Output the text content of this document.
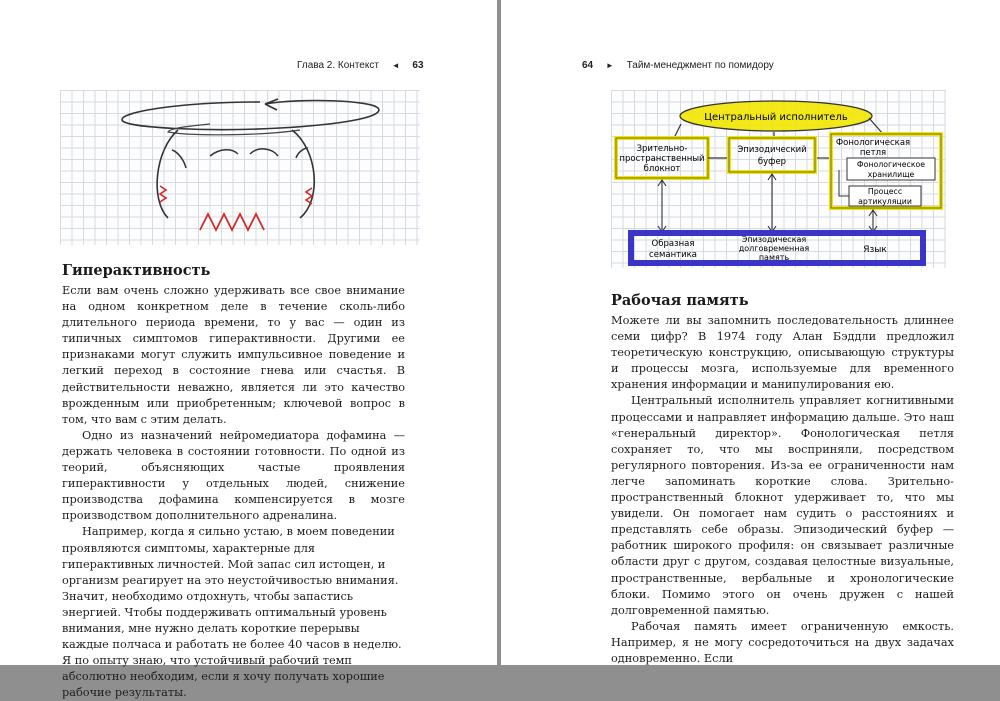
Глава 2. Контекст ◄ 63
Гиперактивность

Если вам очень сложно удерживать все свое внимание на одном конкретном деле в течение сколь-либо длительного периода времени, то у вас — один из типичных симптомов гиперактивности. Другими ее признаками могут служить импульсивное поведение и легкий переход в состояние гнева или счастья. В действительности неважно, является ли это качество врожденным или приобретенным; ключевой вопрос в том, что вам с этим делать.

Одно из назначений нейромедиатора дофамина — держать человека в состоянии готовности. По одной из теорий, объясняющих частые проявления гиперактивности у отдельных людей, снижение производства дофамина компенсируется в мозге производством дополнительного адреналина.

Например, когда я сильно устаю, в моем поведении проявляются симптомы, характерные для гиперактивных личностей. Мой запас сил истощен, и организм реагирует на это неустойчивостью внимания. Значит, необходимо отдохнуть, чтобы запастись энергией. Чтобы поддерживать оптимальный уровень внимания, мне нужно делать короткие перерывы каждые полчаса и работать не более 40 часов в неделю. Я по опыту знаю, что устойчивый рабочий темп абсолютно необходим, если я хочу получать хорошие рабочие результаты.

64 ► Тайм-менеджмент по помидору
Центральный исполнитель
Зрительно-
пространственный
блокнот
Эпизодический
буфер
Фонологическая
петля
Фонологическое
хранилище
Процесс
артикуляции
Образная
семантика
Эпизодическая
долговременная
память
Язык
Рабочая память

Можете ли вы запомнить последовательность длиннее семи цифр? В 1974 году Алан Бэддли предложил теоретическую конструкцию, описывающую структуры и процессы мозга, используемые для временного хранения информации и манипулирования ею.

Центральный исполнитель управляет когнитивными процессами и направляет информацию дальше. Это наш «генеральный директор». Фонологическая петля сохраняет то, что мы восприняли, посредством регулярного повторения. Из-за ее ограниченности нам легче запоминать короткие слова. Зрительно-пространственный блокнот удерживает то, что мы увидели. Он помогает нам судить о расстояниях и представлять себе образы. Эпизодический буфер — работник широкого профиля: он связывает различные области друг с другом, создавая целостные визуальные, пространственные, вербальные и хронологические блоки. Помимо этого он очень дружен с нашей долговременной памятью.

Рабочая память имеет ограниченную емкость. Например, я не могу сосредоточиться на двух задачах одновременно. Если
